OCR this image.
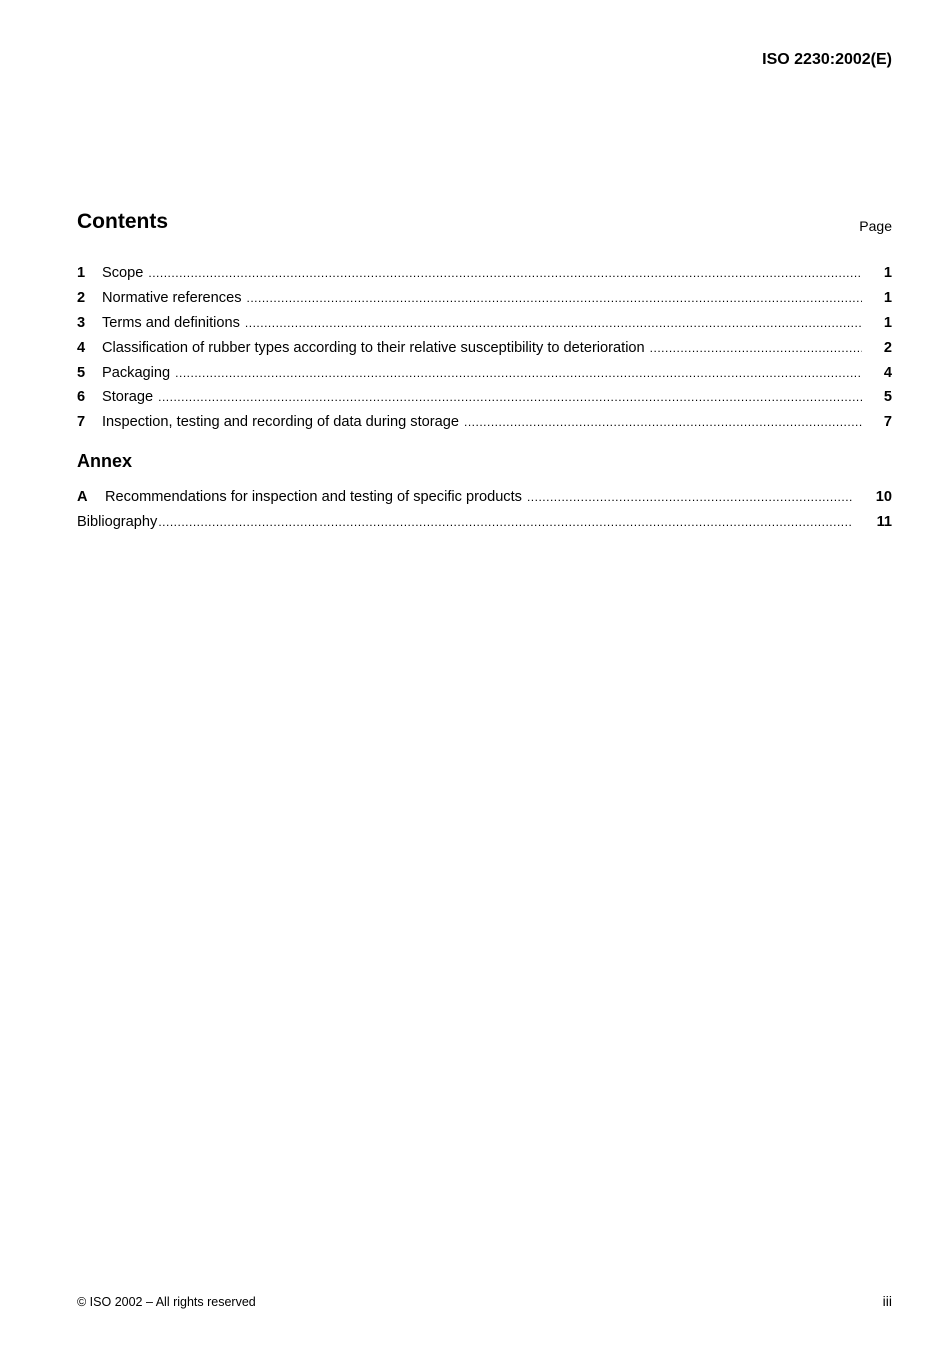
ISO 2230:2002(E)
Contents	Page
1	Scope .....	1
2	Normative references .....	1
3	Terms and definitions .....	1
4	Classification of rubber types according to their relative susceptibility to deterioration .....	2
5	Packaging .....	4
6	Storage .....	5
7	Inspection, testing and recording of data during storage .....	7
Annex
A	Recommendations for inspection and testing of specific products .....	10
Bibliography .....	11
© ISO 2002 – All rights reserved	iii
